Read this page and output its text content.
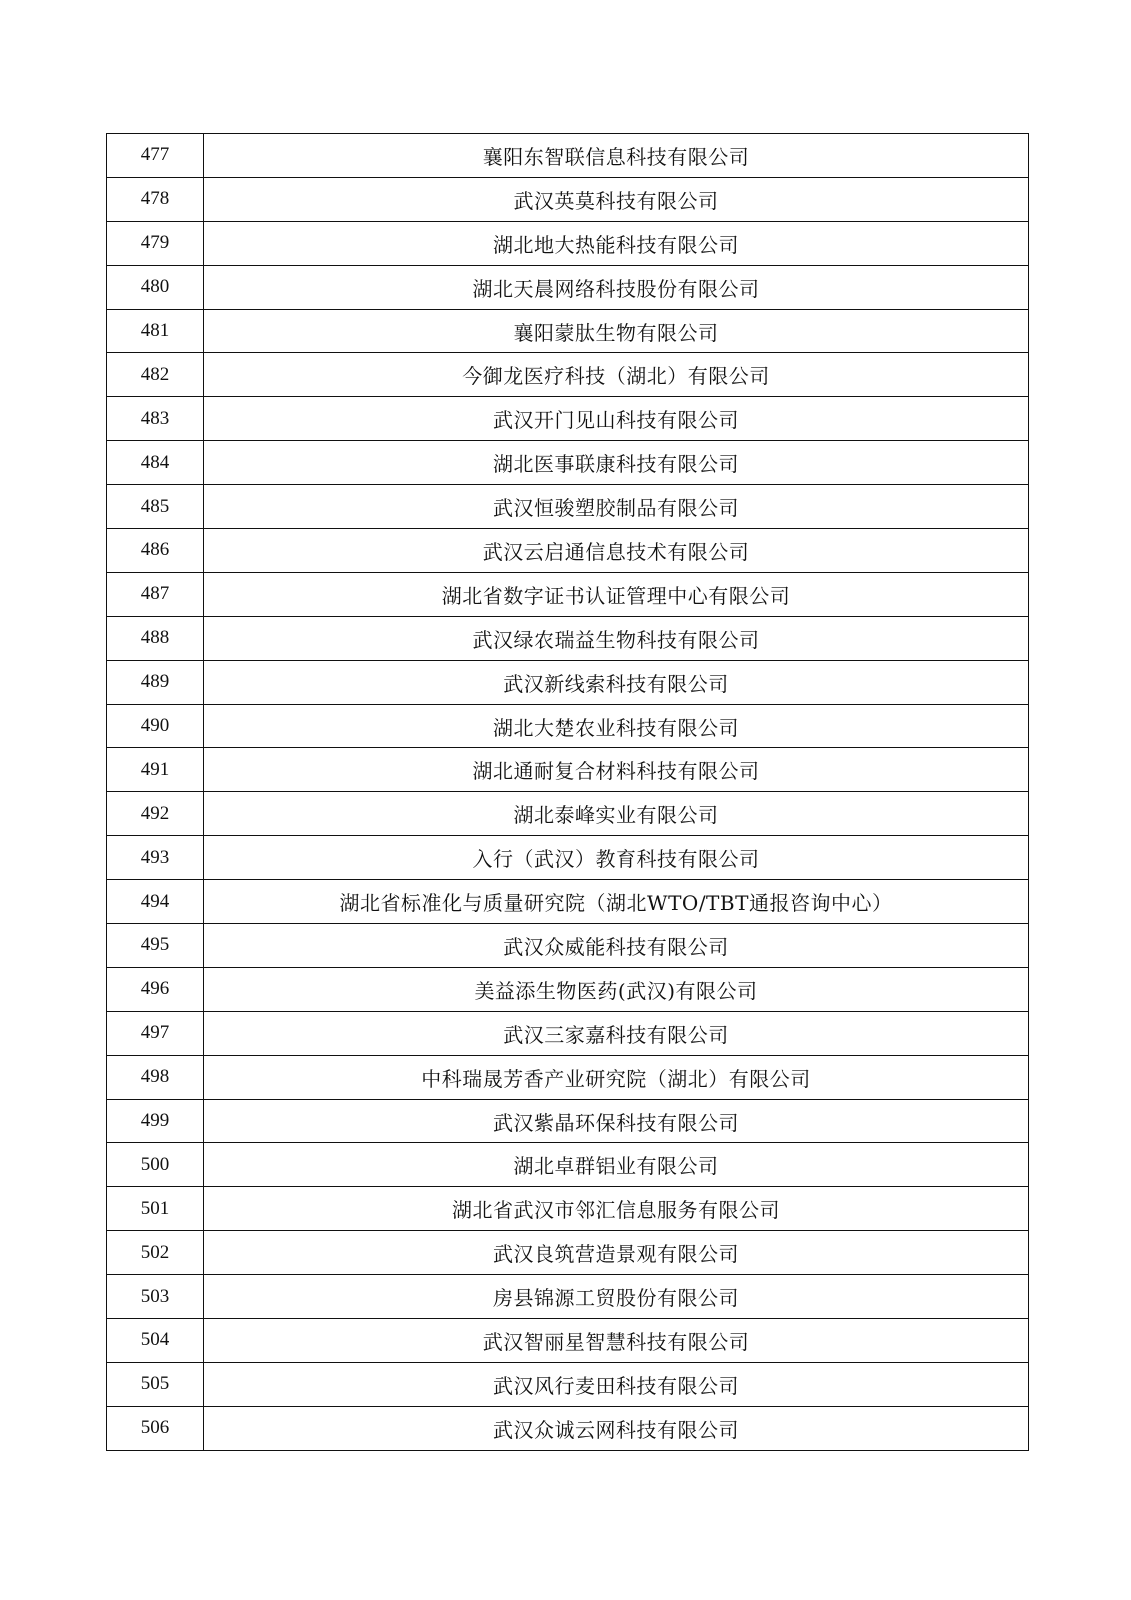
477	襄阳东智联信息科技有限公司
478	武汉英莫科技有限公司
479	湖北地大热能科技有限公司
480	湖北天晨网络科技股份有限公司
481	襄阳蒙肽生物有限公司
482	今御龙医疗科技（湖北）有限公司
483	武汉开门见山科技有限公司
484	湖北医事联康科技有限公司
485	武汉恒骏塑胶制品有限公司
486	武汉云启通信息技术有限公司
487	湖北省数字证书认证管理中心有限公司
488	武汉绿农瑞益生物科技有限公司
489	武汉新线索科技有限公司
490	湖北大楚农业科技有限公司
491	湖北通耐复合材料科技有限公司
492	湖北泰峰实业有限公司
493	入行（武汉）教育科技有限公司
494	湖北省标准化与质量研究院（湖北WTO/TBT通报咨询中心）
495	武汉众威能科技有限公司
496	美益添生物医药(武汉)有限公司
497	武汉三家嘉科技有限公司
498	中科瑞晟芳香产业研究院（湖北）有限公司
499	武汉紫晶环保科技有限公司
500	湖北卓群铝业有限公司
501	湖北省武汉市邻汇信息服务有限公司
502	武汉良筑营造景观有限公司
503	房县锦源工贸股份有限公司
504	武汉智丽星智慧科技有限公司
505	武汉风行麦田科技有限公司
506	武汉众诚云网科技有限公司
